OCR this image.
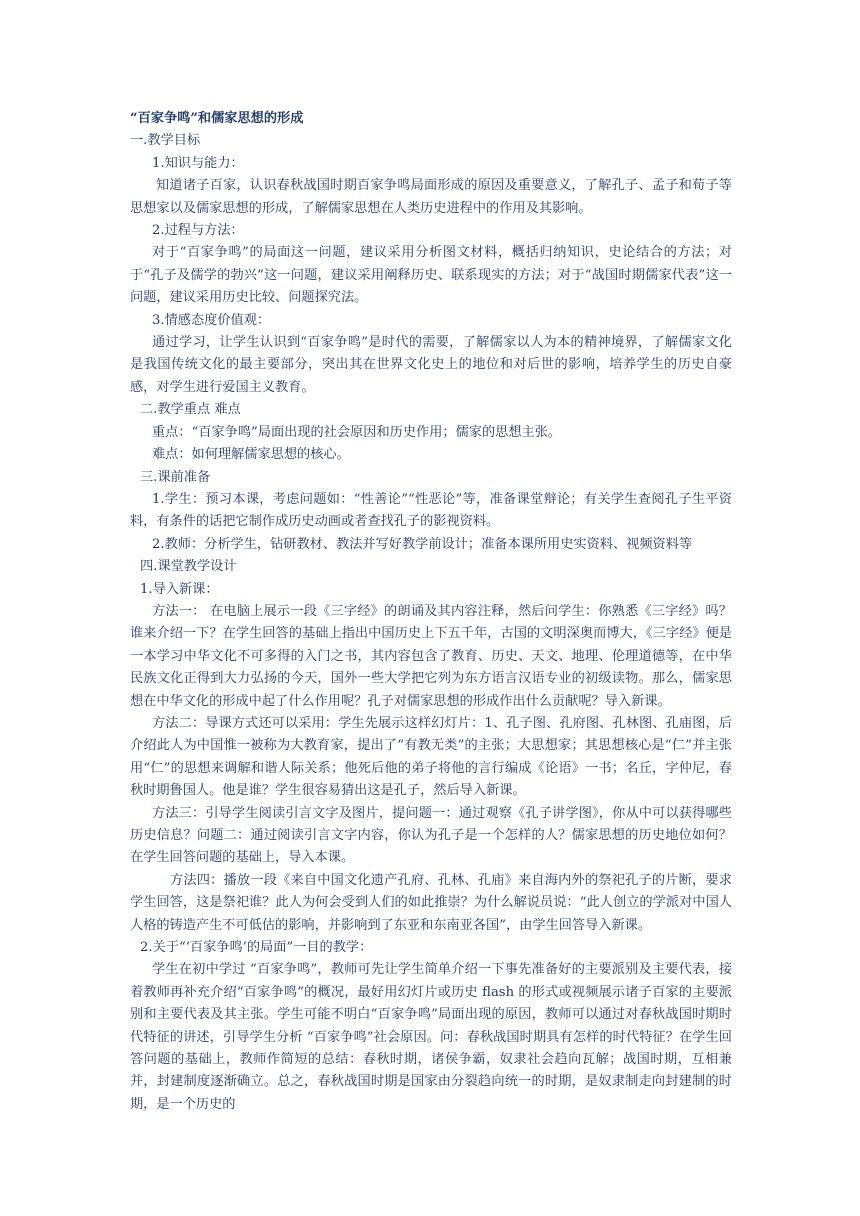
“百家争鸣”和儒家思想的形成

一.教学目标

1.知识与能力：

知道诸子百家，认识春秋战国时期百家争鸣局面形成的原因及重要意义，了解孔子、孟子和荀子等思想家以及儒家思想的形成，了解儒家思想在人类历史进程中的作用及其影响。

2.过程与方法：

对于“百家争鸣”的局面这一问题，建议采用分析图文材料，概括归纳知识，史论结合的方法；对于“孔子及儒学的勃兴”这一问题，建议采用阐释历史、联系现实的方法；对于“战国时期儒家代表”这一问题，建议采用历史比较、问题探究法。

3.情感态度价值观：

通过学习，让学生认识到“百家争鸣”是时代的需要，了解儒家以人为本的精神境界，了解儒家文化是我国传统文化的最主要部分，突出其在世界文化史上的地位和对后世的影响，培养学生的历史自豪感，对学生进行爱国主义教育。

二.教学重点 难点

重点：“百家争鸣”局面出现的社会原因和历史作用；儒家的思想主张。

难点：如何理解儒家思想的核心。

三.课前准备

1.学生：预习本课，考虑问题如：“性善论”“性恶论”等，准备课堂辩论；有关学生查阅孔子生平资料，有条件的话把它制作成历史动画或者查找孔子的影视资料。

2.教师：分析学生，钻研教材、教法并写好教学前设计；准备本课所用史实资料、视频资料等

四.课堂教学设计

1.导入新课：

方法一： 在电脑上展示一段《三字经》的朗诵及其内容注释，然后问学生：你熟悉《三字经》吗？谁来介绍一下？在学生回答的基础上指出中国历史上下五千年，古国的文明深奥而博大，《三字经》便是一本学习中华文化不可多得的入门之书，其内容包含了教育、历史、天文、地理、伦理道德等，在中华民族文化正得到大力弘扬的今天，国外一些大学把它列为东方语言汉语专业的初级读物。那么，儒家思想在中华文化的形成中起了什么作用呢？孔子对儒家思想的形成作出什么贡献呢？导入新课。

方法二：导课方式还可以采用：学生先展示这样幻灯片：1、孔子图、孔府图、孔林图、孔庙图，后介绍此人为中国惟一被称为大教育家，提出了“有教无类”的主张；大思想家；其思想核心是“仁”并主张用“仁”的思想来调解和谐人际关系；他死后他的弟子将他的言行编成《论语》一书；名丘，字仲尼，春秋时期鲁国人。他是谁？学生很容易猜出这是孔子，然后导入新课。

方法三：引导学生阅读引言文字及图片，提问题一：通过观察《孔子讲学图》，你从中可以获得哪些历史信息？问题二：通过阅读引言文字内容，你认为孔子是一个怎样的人？儒家思想的历史地位如何？在学生回答问题的基础上，导入本课。

方法四：播放一段《来自中国文化遗产孔府、孔林、孔庙》来自海内外的祭祀孔子的片断，要求学生回答，这是祭祀谁？此人为何会受到人们的如此推崇？为什么解说员说：“此人创立的学派对中国人人格的铸造产生不可低估的影响，并影响到了东亚和东南亚各国”，由学生回答导入新课。

2.关于“‘百家争鸣’的局面”一目的教学：

学生在初中学过 “百家争鸣”，教师可先让学生简单介绍一下事先准备好的主要派别及主要代表，接着教师再补充介绍“百家争鸣”的概况，最好用幻灯片或历史 flash 的形式或视频展示诸子百家的主要派别和主要代表及其主张。学生可能不明白“百家争鸣”局面出现的原因，教师可以通过对春秋战国时期时代特征的讲述，引导学生分析 “百家争鸣”社会原因。问：春秋战国时期具有怎样的时代特征？在学生回答问题的基础上，教师作简短的总结：春秋时期，诸侯争霸，奴隶社会趋向瓦解；战国时期，互相兼并，封建制度逐渐确立。总之，春秋战国时期是国家由分裂趋向统一的时期，是奴隶制走向封建制的时期，是一个历史的
